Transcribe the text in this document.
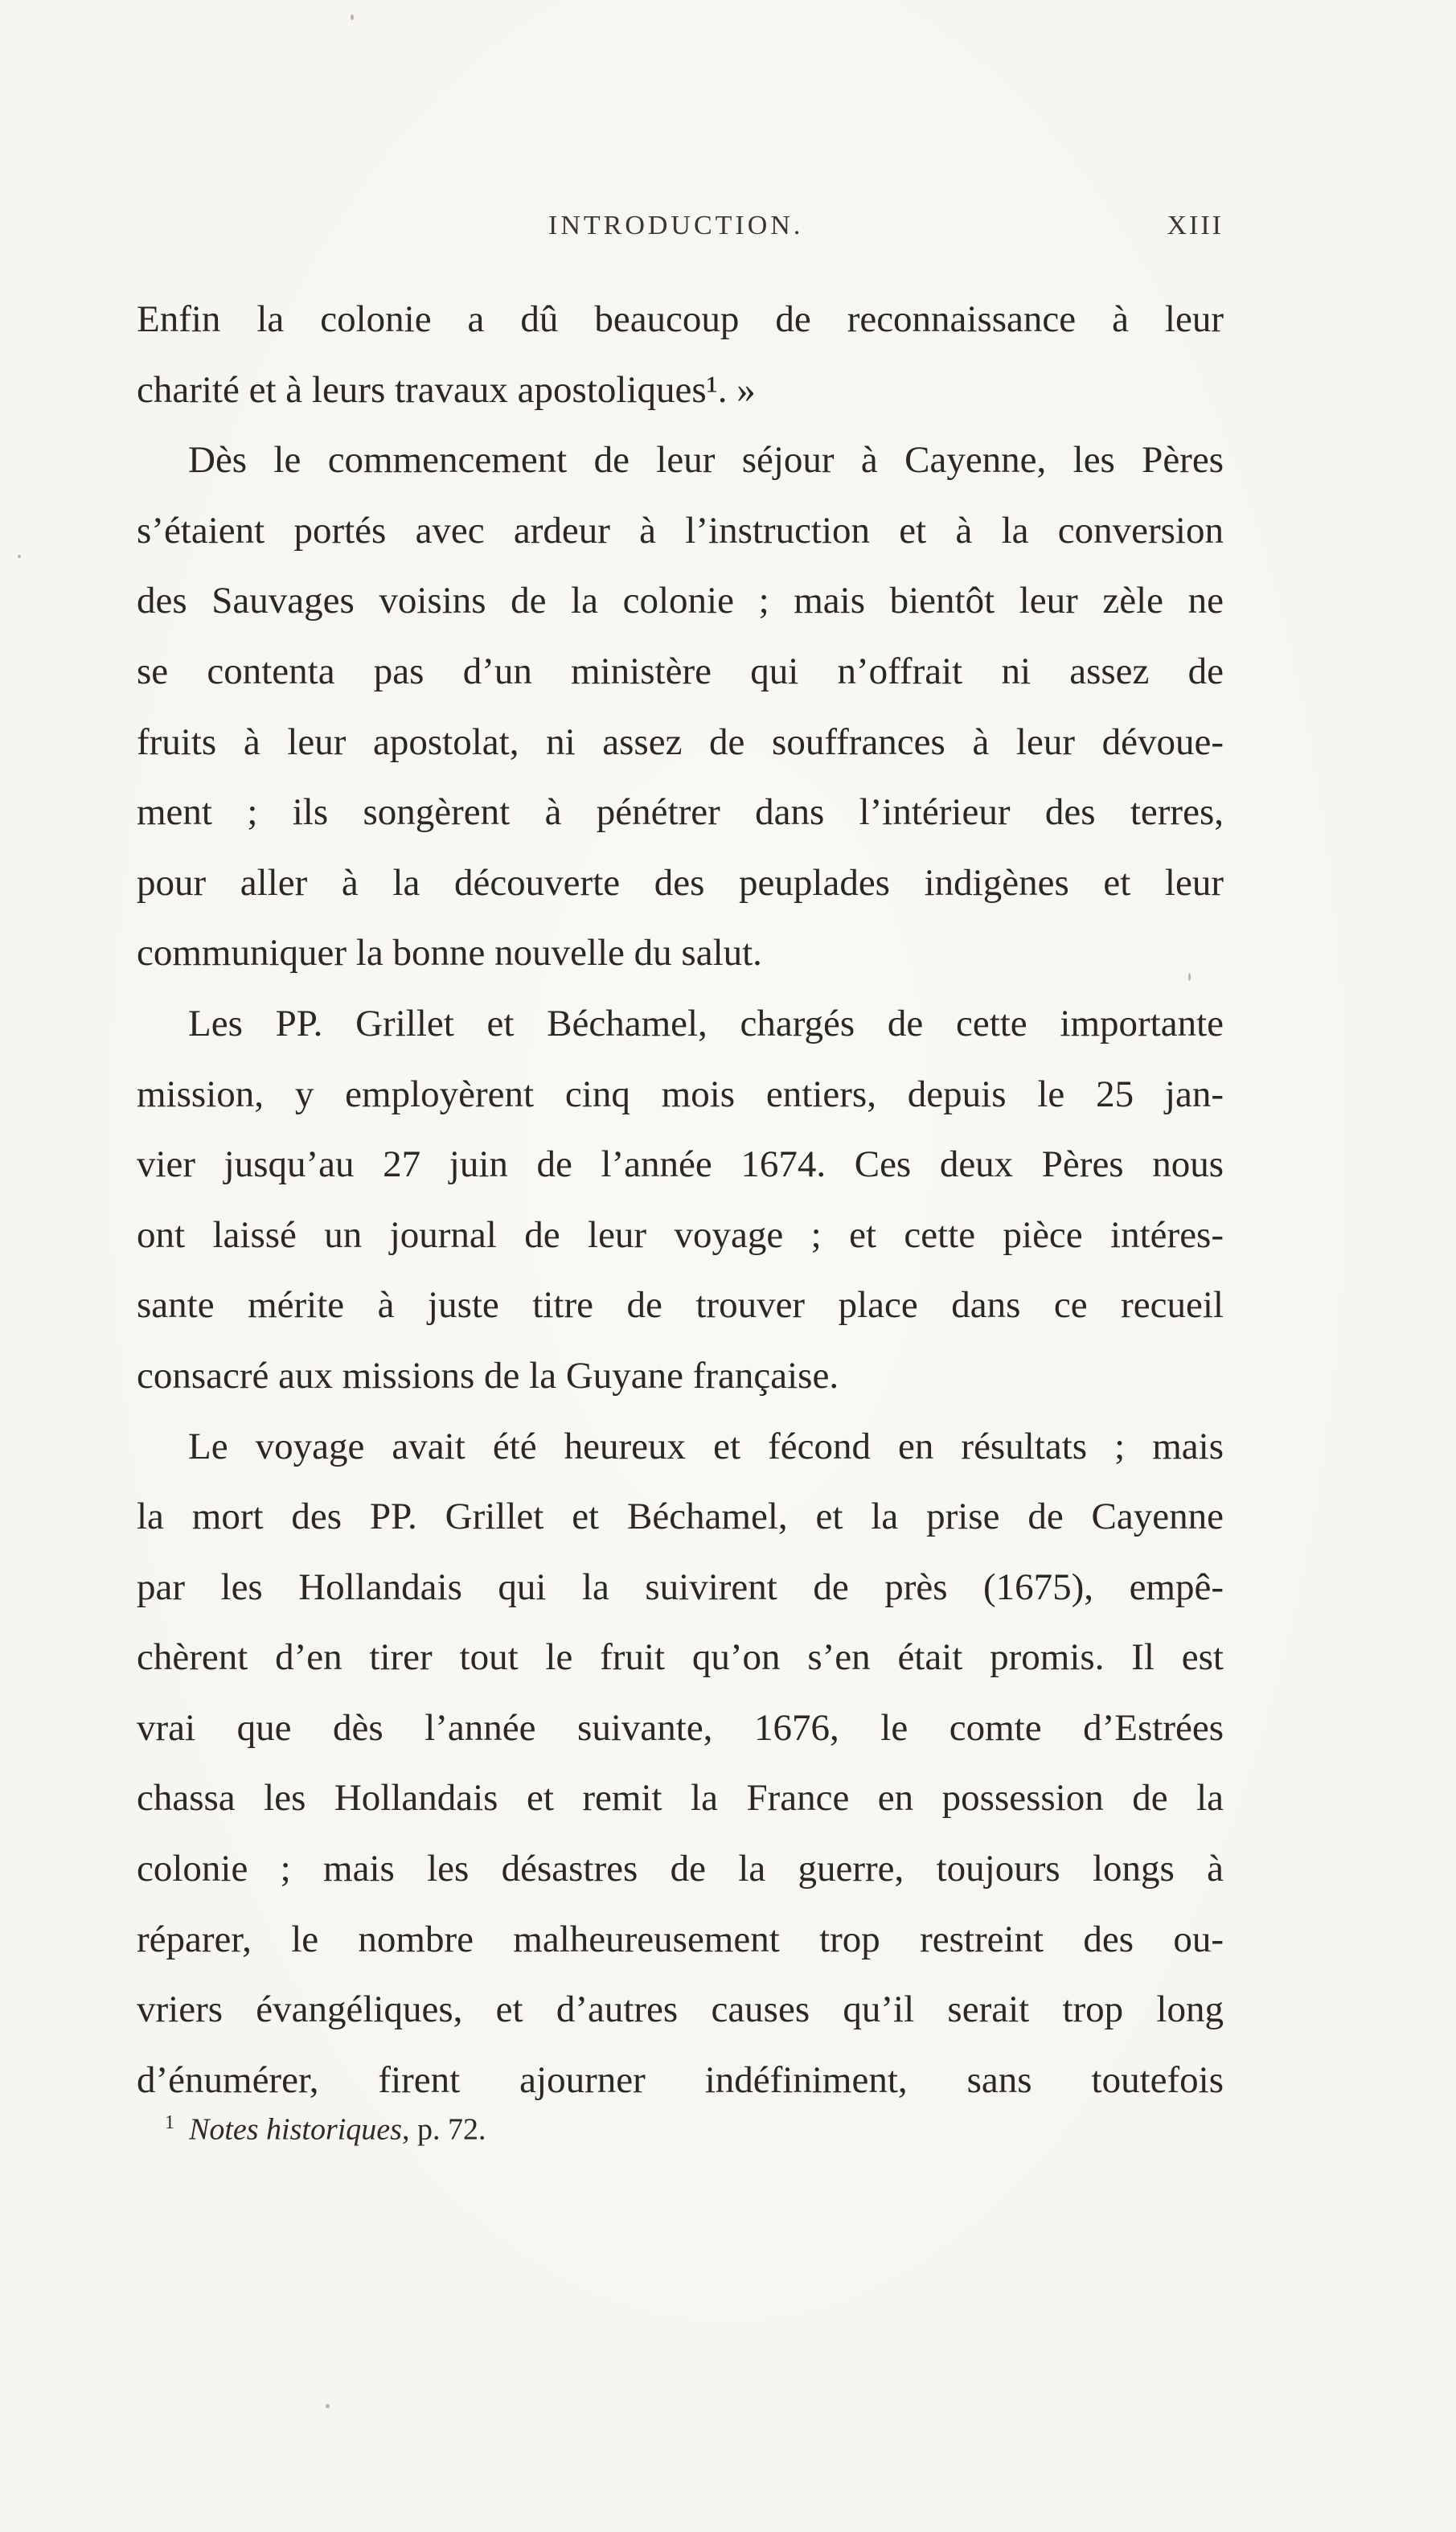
INTRODUCTION.	XIII
Enfin la colonie a dû beaucoup de reconnaissance à leur
charité et à leurs travaux apostoliques¹. »
Dès le commencement de leur séjour à Cayenne, les Pères
s’étaient portés avec ardeur à l’instruction et à la conversion
des Sauvages voisins de la colonie ; mais bientôt leur zèle ne
se contenta pas d’un ministère qui n’offrait ni assez de
fruits à leur apostolat, ni assez de souffrances à leur dévoue-
ment ; ils songèrent à pénétrer dans l’intérieur des terres,
pour aller à la découverte des peuplades indigènes et leur
communiquer la bonne nouvelle du salut.
Les PP. Grillet et Béchamel, chargés de cette importante
mission, y employèrent cinq mois entiers, depuis le 25 jan-
vier jusqu’au 27 juin de l’année 1674. Ces deux Pères nous
ont laissé un journal de leur voyage ; et cette pièce intéres-
sante mérite à juste titre de trouver place dans ce recueil
consacré aux missions de la Guyane française.
Le voyage avait été heureux et fécond en résultats ; mais
la mort des PP. Grillet et Béchamel, et la prise de Cayenne
par les Hollandais qui la suivirent de près (1675), empê-
chèrent d’en tirer tout le fruit qu’on s’en était promis. Il est
vrai que dès l’année suivante, 1676, le comte d’Estrées
chassa les Hollandais et remit la France en possession de la
colonie ; mais les désastres de la guerre, toujours longs à
réparer, le nombre malheureusement trop restreint des ou-
vriers évangéliques, et d’autres causes qu’il serait trop long
d’énumérer, firent ajourner indéfiniment, sans toutefois
$^1$ Notes historiques, p. 72.
